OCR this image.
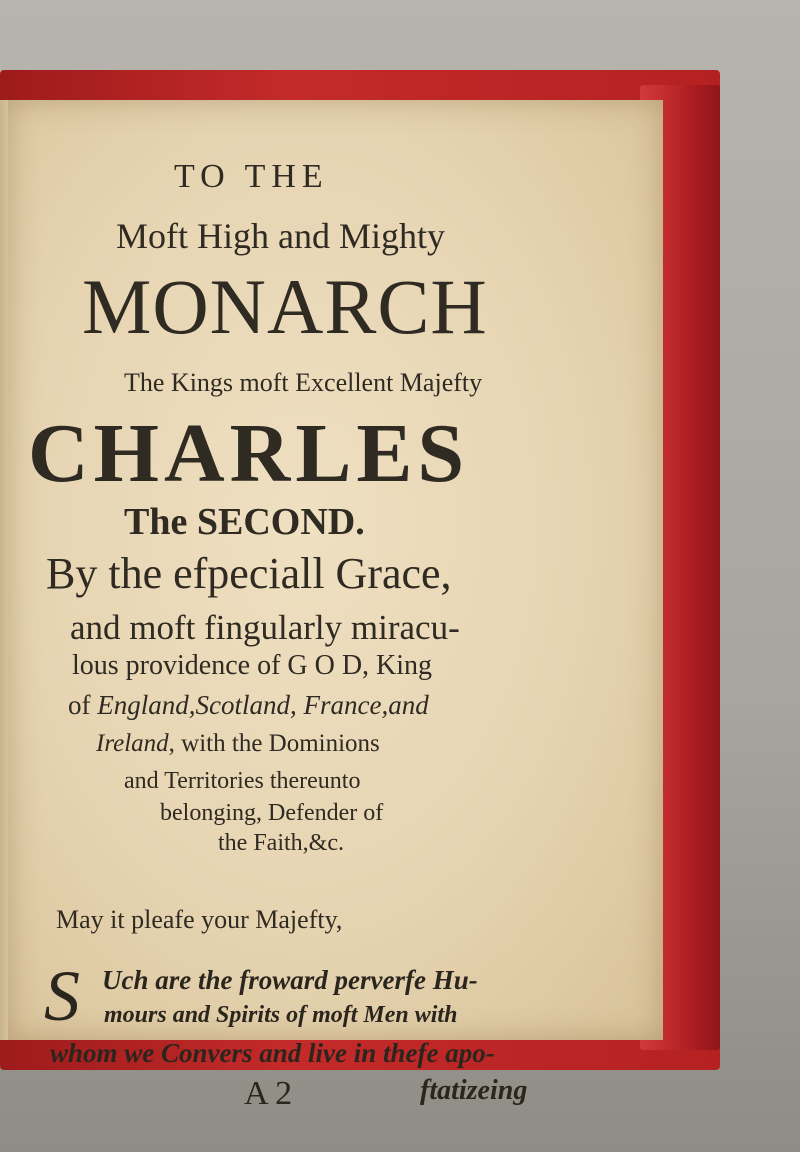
TO THE
Moft High and Mighty
MONARCH
The Kings moft Excellent Majefty
CHARLES
The SECOND.
By the efpeciall Grace,
and moft fingularly miracu-
lous providence of G O D, King
of England,Scotland, France,and
Ireland, with the Dominions
and Territories thereunto
belonging, Defender of
the Faith,&c.
May it pleafe your Majefty,
S Uch are the froward perverfe Hu-
mours and Spirits of moft Men with
whom we Convers and live in thefe apo-
A 2	ftatizeing
